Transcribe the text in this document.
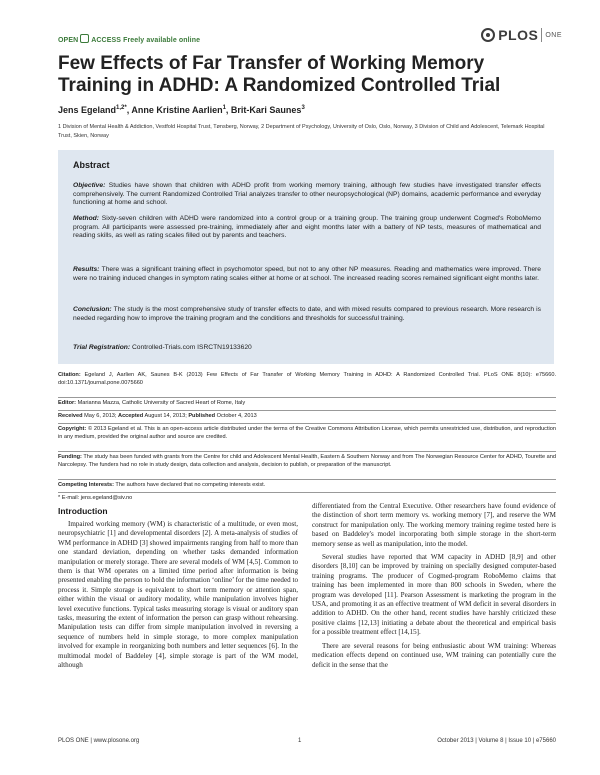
OPEN ACCESS Freely available online	PLOS ONE
Few Effects of Far Transfer of Working Memory Training in ADHD: A Randomized Controlled Trial
Jens Egeland$^{1,2*}$, Anne Kristine Aarlien$^1$, Brit-Kari Saunes$^3$
1 Division of Mental Health & Addiction, Vestfold Hospital Trust, Tønsberg, Norway, 2 Department of Psychology, University of Oslo, Oslo, Norway, 3 Division of Child and Adolescent, Telemark Hospital Trust, Skien, Norway
Abstract
Objective: Studies have shown that children with ADHD profit from working memory training, although few studies have investigated transfer effects comprehensively. The current Randomized Controlled Trial analyzes transfer to other neuropsychological (NP) domains, academic performance and everyday functioning at home and school.
Method: Sixty-seven children with ADHD were randomized into a control group or a training group. The training group underwent Cogmed's RoboMemo program. All participants were assessed pre-training, immediately after and eight months later with a battery of NP tests, measures of mathematical and reading skills, as well as rating scales filled out by parents and teachers.
Results: There was a significant training effect in psychomotor speed, but not to any other NP measures. Reading and mathematics were improved. There were no training induced changes in symptom rating scales either at home or at school. The increased reading scores remained significant eight months later.
Conclusion: The study is the most comprehensive study of transfer effects to date, and with mixed results compared to previous research. More research is needed regarding how to improve the training program and the conditions and thresholds for successful training.
Trial Registration: Controlled-Trials.com ISRCTN19133620
Citation: Egeland J, Aarlien AK, Saunes B-K (2013) Few Effects of Far Transfer of Working Memory Training in ADHD: A Randomized Controlled Trial. PLoS ONE 8(10): e75660. doi:10.1371/journal.pone.0075660
Editor: Marianna Mazza, Catholic University of Sacred Heart of Rome, Italy
Received May 6, 2013; Accepted August 14, 2013; Published October 4, 2013
Copyright: © 2013 Egeland et al. This is an open-access article distributed under the terms of the Creative Commons Attribution License, which permits unrestricted use, distribution, and reproduction in any medium, provided the original author and source are credited.
Funding: The study has been funded with grants from the Centre for child and Adolescent Mental Health, Eastern & Southern Norway and from The Norwegian Resource Center for ADHD, Tourette and Narcolepsy. The funders had no role in study design, data collection and analysis, decision to publish, or preparation of the manuscript.
Competing Interests: The authors have declared that no competing interests exist.
* E-mail: jens.egeland@siv.no
Introduction

Impaired working memory (WM) is characteristic of a multitude, or even most, neuropsychiatric [1] and developmental disorders [2]. A meta-analysis of studies of WM performance in ADHD [3] showed impairments ranging from half to more than one standard deviation, depending on whether tasks demanded information manipulation or merely storage. There are several models of WM [4,5]. Common to them is that WM operates on a limited time period after information is being presented enabling the person to hold the information ‘online’ for the time needed to process it. Simple storage is equivalent to short term memory or attention span, either within the visual or auditory modality, while manipulation involves higher level executive functions. Typical tasks measuring storage is visual or auditory span tasks, measuring the extent of information the person can grasp without rehearsing. Manipulation tests can differ from simple manipulation involved in reversing a sequence of numbers held in simple storage, to more complex manipulation involved for example in reorganizing both numbers and letter sequences [6]. In the multimodal model of Baddeley [4], simple storage is part of the WM model, although

differentiated from the Central Executive. Other researchers have found evidence of the distinction of short term memory vs. working memory [7], and reserve the WM construct for manipulation only. The working memory training regime tested here is based on Baddeley's model incorporating both simple storage in the short-term memory sense as well as manipulation, into the model.

Several studies have reported that WM capacity in ADHD [8,9] and other disorders [8,10] can be improved by training on specially designed computer-based training programs. The producer of Cogmed-program RoboMemo claims that training has been implemented in more than 800 schools in Sweden, where the program was developed [11]. Pearson Assessment is marketing the program in the USA, and promoting it as an effective treatment of WM deficit in several disorders in addition to ADHD. On the other hand, recent studies have harshly criticized these positive claims [12,13] initiating a debate about the theoretical and empirical basis for a possible treatment effect [14,15].

There are several reasons for being enthusiastic about WM training: Whereas medication effects depend on continued use, WM training can potentially cure the deficit in the sense that the

PLOS ONE | www.plosone.org	1	October 2013 | Volume 8 | Issue 10 | e75660
